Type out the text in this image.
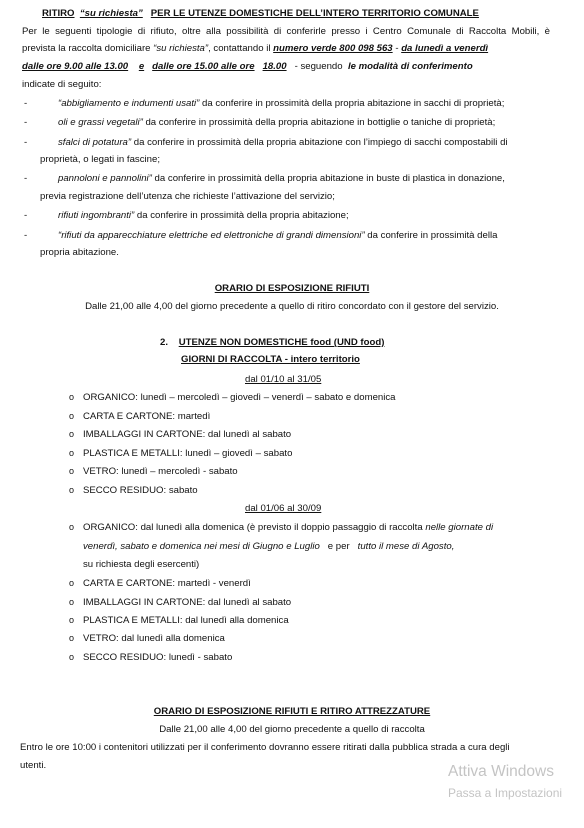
RITIRO “su richiesta” PER LE UTENZE DOMESTICHE DELL’INTERO TERRITORIO COMUNALE
Per le seguenti tipologie di rifiuto, oltre alla possibilità di conferirle presso i Centro Comunale di Raccolta Mobili, è
prevista la raccolta domiciliare “su richiesta”, contattando il numero verde 800 098 563 - da lunedì a venerdì
dalle ore 9.00 alle 13.00 e dalle ore 15.00 alle ore 18.00 - seguendo le modalità di conferimento
indicate di seguito:
-	“abbigliamento e indumenti usati” da conferire in prossimità della propria abitazione in sacchi di proprietà;
-	oli e grassi vegetali” da conferire in prossimità della propria abitazione in bottiglie o taniche di proprietà;
-	sfalci di potatura” da conferire in prossimità della propria abitazione con l’impiego di sacchi compostabili di
proprietà, o legati in fascine;
-	pannoloni e pannolini” da conferire in prossimità della propria abitazione in buste di plastica in donazione,
previa registrazione dell’utenza che richieste l’attivazione del servizio;
-	rifiuti ingombranti” da conferire in prossimità della propria abitazione;
-	“rifiuti da apparecchiature elettriche ed elettroniche di grandi dimensioni” da conferire in prossimità della
propria abitazione.
ORARIO DI ESPOSIZIONE RIFIUTI
Dalle 21,00 alle 4,00 del giorno precedente a quello di ritiro concordato con il gestore del servizio.
2. UTENZE NON DOMESTICHE food (UND food)
GIORNI DI RACCOLTA - intero territorio
dal 01/10 al 31/05
o ORGANICO: lunedì – mercoledì – giovedì – venerdì – sabato e domenica
o CARTA E CARTONE: martedì
o IMBALLAGGI IN CARTONE: dal lunedì al sabato
o PLASTICA E METALLI: lunedì – giovedì – sabato
o VETRO: lunedì – mercoledì - sabato
o SECCO RESIDUO: sabato
dal 01/06 al 30/09
o ORGANICO: dal lunedì alla domenica (è previsto il doppio passaggio di raccolta nelle giornate di
venerdì, sabato e domenica nei mesi di Giugno e Luglio e per tutto il mese di Agosto,
su richiesta degli esercenti)
o CARTA E CARTONE: martedì - venerdì
o IMBALLAGGI IN CARTONE: dal lunedì al sabato
o PLASTICA E METALLI: dal lunedì alla domenica
o VETRO: dal lunedì alla domenica
o SECCO RESIDUO: lunedì - sabato
ORARIO DI ESPOSIZIONE RIFIUTI E RITIRO ATTREZZATURE
Dalle 21,00 alle 4,00 del giorno precedente a quello di raccolta
Entro le ore 10:00 i contenitori utilizzati per il conferimento dovranno essere ritirati dalla pubblica strada a cura degli
utenti.	Attiva Windows
Passa a Impostazioni
